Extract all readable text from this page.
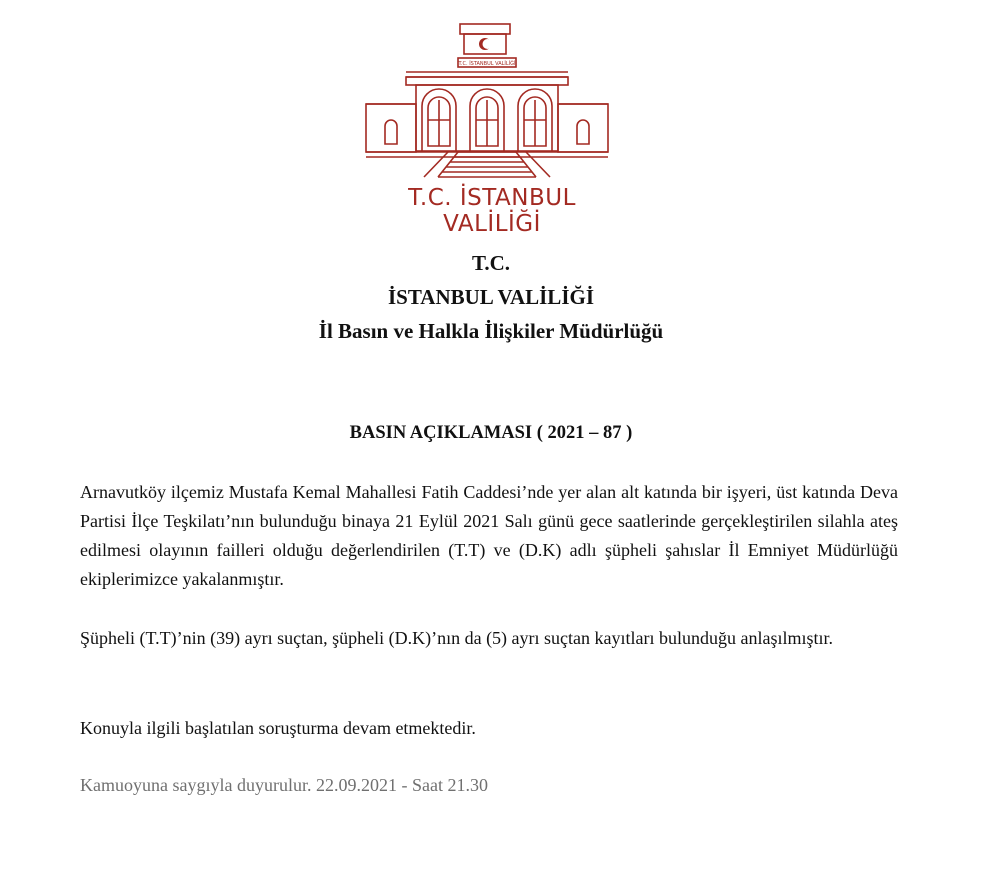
T.C. İSTANBUL VALİLİĞİ
T.C. İSTANBUL VALİLİĞİ
T.C.
İSTANBUL VALİLİĞİ
İl Basın ve Halkla İlişkiler Müdürlüğü
BASIN AÇIKLAMASI ( 2021 – 87 )
Arnavutköy ilçemiz Mustafa Kemal Mahallesi Fatih Caddesi’nde yer alan alt katında bir işyeri, üst katında Deva Partisi İlçe Teşkilatı’nın bulunduğu binaya 21 Eylül 2021 Salı günü gece saatlerinde gerçekleştirilen silahla ateş edilmesi olayının failleri olduğu değerlendirilen (T.T) ve (D.K) adlı şüpheli şahıslar İl Emniyet Müdürlüğü ekiplerimizce yakalanmıştır.
Şüpheli (T.T)’nin (39) ayrı suçtan, şüpheli (D.K)’nın da (5) ayrı suçtan kayıtları bulunduğu anlaşılmıştır.
Konuyla ilgili başlatılan soruşturma devam etmektedir.
Kamuoyuna saygıyla duyurulur. 22.09.2021 - Saat 21.30
